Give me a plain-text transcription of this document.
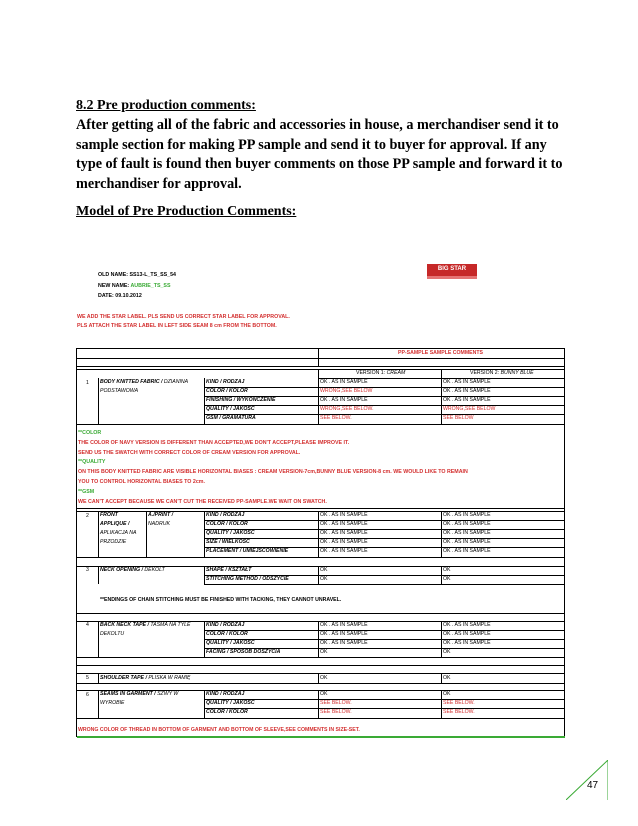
8.2 Pre production comments:
After getting all of the fabric and accessories in house, a merchandiser send it to sample section for making PP sample and send it to buyer for approval. If any type of fault is found then buyer comments on those PP sample and forward it to merchandiser for approval.
Model of Pre Production Comments:
OLD NAME: SS13-L_TS_SS_54
NEW NAME: AUBRIE_TS_SS
DATE: 09.10.2012
BIG STAR
WE ADD THE STAR LABEL. PLS SEND US CORRECT STAR LABEL FOR APPROVAL.
PLS ATTACH THE STAR LABEL IN LEFT SIDE SEAM 8 cm FROM THE BOTTOM.
PP-SAMPLE SAMPLE COMMENTS
VERSION 1: CREAM	VERSION 2: BUNNY BLUE
1 BODY KNITTED FABRIC / DZIANINA
PODSTAWOWA
KIND / RODZAJ	OK . AS IN SAMPLE	OK . AS IN SAMPLE
COLOR / KOLOR	WRONG,SEE BELOW	OK . AS IN SAMPLE
FINISHING / WYKOŃCZENIE	OK . AS IN SAMPLE	OK . AS IN SAMPLE
QUALITY / JAKOŚĆ	WRONG,SEE BELOW.	WRONG,SEE BELOW
GSM / GRAMATURA	SEE BELOW.	SEE BELOW
**COLOR
THE COLOR OF NAVY VERSION IS DIFFERENT THAN ACCEPTED,WE DON'T ACCEPT,PLEASE IMPROVE IT.
SEND US THE SWATCH WITH CORRECT COLOR OF CREAM VERSION FOR APPROVAL.
**QUALITY
ON THIS BODY KNITTED FABRIC ARE VISIBLE HORIZONTAL BIASES : CREAM VERSION-7cm,BUNNY BLUE VERSION-8 cm. WE WOULD LIKE TO REMAIN
YOU TO CONTROL HORIZONTAL BIASES TO 2cm.
**GSM
WE CAN'T ACCEPT BECAUSE WE CAN'T CUT THE RECEIVED PP-SAMPLE.WE WAIT ON SWATCH.
2 FRONT
APPLIQUE /
APLIKACJA NA
PRZODZIE
A./PRINT /
NADRUK
KIND / RODZAJ	OK . AS IN SAMPLE	OK . AS IN SAMPLE
COLOR / KOLOR	OK . AS IN SAMPLE	OK . AS IN SAMPLE
QUALITY / JAKOŚĆ	OK . AS IN SAMPLE	OK . AS IN SAMPLE
SIZE / WIELKOŚĆ	OK . AS IN SAMPLE	OK . AS IN SAMPLE
PLACEMENT / UMIEJSCOWIENIE	OK . AS IN SAMPLE	OK . AS IN SAMPLE
3 NECK OPENING / DEKOLT	SHAPE / KSZTAŁT	OK	OK
STITCHING METHOD / ODSZYCIE	OK	OK
**ENDINGS OF CHAIN STITCHING MUST BE FINISHED WITH TACKING, THEY CANNOT UNRAVEL.
4 BACK NECK TAPE / TAŚMA NA TYLE
DEKOLTU
KIND / RODZAJ	OK . AS IN SAMPLE	OK . AS IN SAMPLE
COLOR / KOLOR	OK . AS IN SAMPLE	OK . AS IN SAMPLE
QUALITY / JAKOŚĆ	OK . AS IN SAMPLE	OK . AS IN SAMPLE
FACING / SPOSÓB DOSZYCIA	OK	OK
5 SHOULDER TAPE / PLISKA W RAMIĘ	OK	OK
6 SEAMS IN GARMENT / SZWY W
WYROBIE
KIND / RODZAJ	OK	OK
QUALITY / JAKOŚĆ	SEE BELOW.	SEE BELOW.
COLOR / KOLOR	SEE BELOW.	SEE BELOW.
WRONG COLOR OF THREAD IN BOTTOM OF GARMENT AND BOTTOM OF SLEEVE,SEE COMMENTS IN SIZE-SET.
47
